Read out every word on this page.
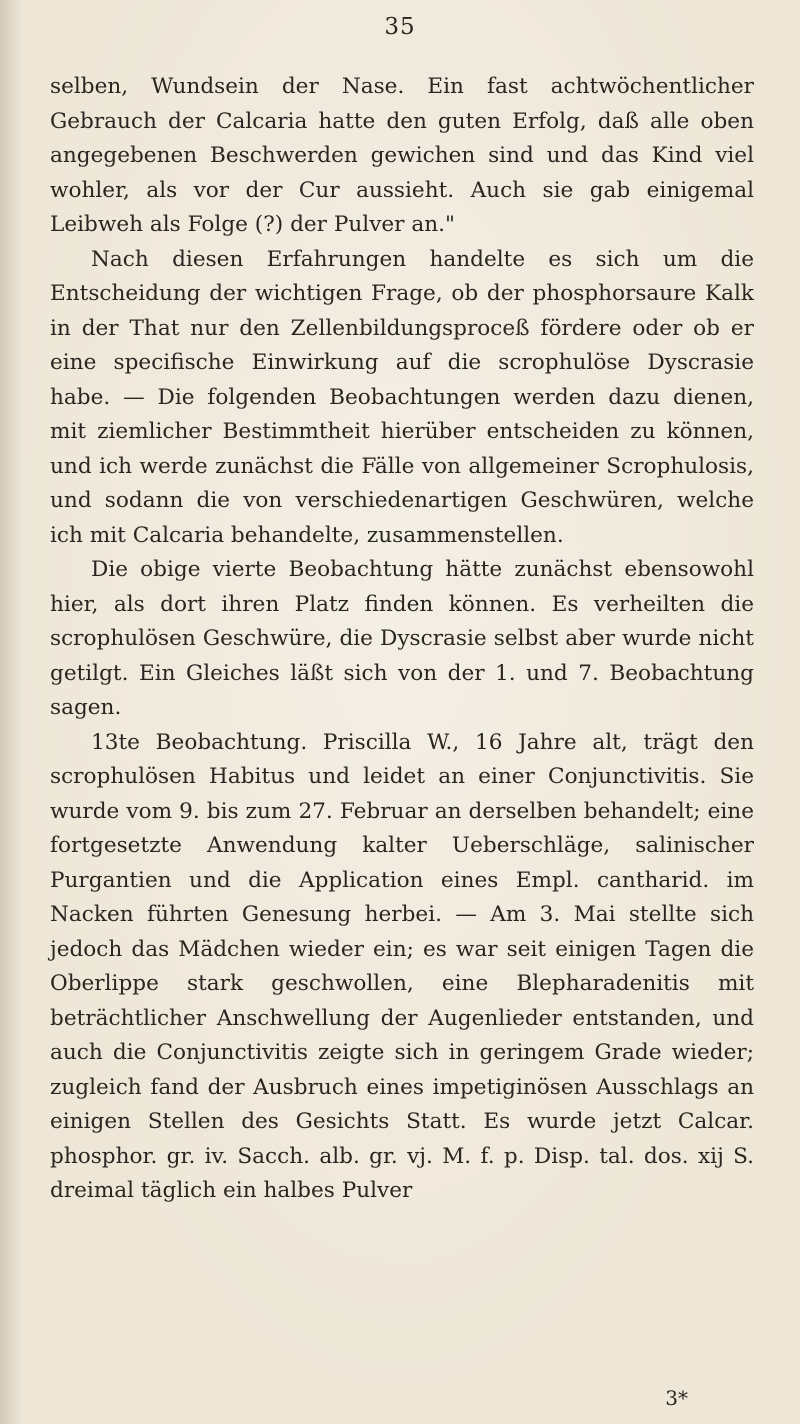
35

selben, Wundsein der Nase. Ein fast achtwöchentlicher Gebrauch der Calcaria hatte den guten Erfolg, daß alle oben angegebenen Beschwerden gewichen sind und das Kind viel wohler, als vor der Cur aussieht. Auch sie gab einigemal Leibweh als Folge (?) der Pulver an."

Nach diesen Erfahrungen handelte es sich um die Entscheidung der wichtigen Frage, ob der phosphorsaure Kalk in der That nur den Zellenbildungsproceß fördere oder ob er eine specifische Einwirkung auf die scrophulöse Dyscrasie habe. — Die folgenden Beobachtungen werden dazu dienen, mit ziemlicher Bestimmtheit hierüber entscheiden zu können, und ich werde zunächst die Fälle von allgemeiner Scrophulosis, und sodann die von verschiedenartigen Geschwüren, welche ich mit Calcaria behandelte, zusammenstellen.

Die obige vierte Beobachtung hätte zunächst ebensowohl hier, als dort ihren Platz finden können. Es verheilten die scrophulösen Geschwüre, die Dyscrasie selbst aber wurde nicht getilgt. Ein Gleiches läßt sich von der 1. und 7. Beobachtung sagen.

13te Beobachtung. Priscilla W., 16 Jahre alt, trägt den scrophulösen Habitus und leidet an einer Conjunctivitis. Sie wurde vom 9. bis zum 27. Februar an derselben behandelt; eine fortgesetzte Anwendung kalter Ueberschläge, salinischer Purgantien und die Application eines Empl. cantharid. im Nacken führten Genesung herbei. — Am 3. Mai stellte sich jedoch das Mädchen wieder ein; es war seit einigen Tagen die Oberlippe stark geschwollen, eine Blepharadenitis mit beträchtlicher Anschwellung der Augenlieder entstanden, und auch die Conjunctivitis zeigte sich in geringem Grade wieder; zugleich fand der Ausbruch eines impetiginösen Ausschlags an einigen Stellen des Gesichts Statt. Es wurde jetzt Calcar. phosphor. gr. iv. Sacch. alb. gr. vj. M. f. p. Disp. tal. dos. xij S. dreimal täglich ein halbes Pulver

3*
